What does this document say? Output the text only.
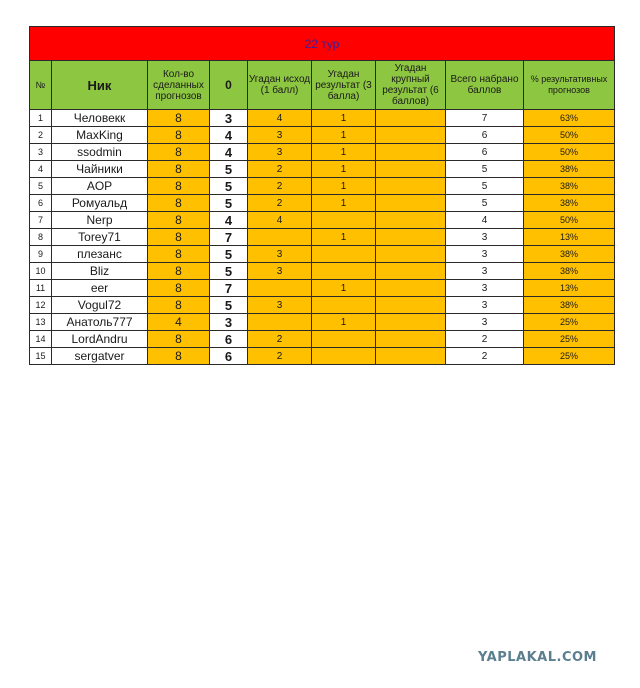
22 тур								
№	Ник	Кол-во сделанных прогнозов	0	Угадан исход (1 балл)	Угадан результат (3 балла)	Угадан крупный результат (6 баллов)	Всего набрано баллов	% результативных прогнозов
1	Человекк	8	3	4	1		7	63%
2	MaxKing	8	4	3	1		6	50%
3	ssodmin	8	4	3	1		6	50%
4	Чайники	8	5	2	1		5	38%
5	AOP	8	5	2	1		5	38%
6	Ромуальд	8	5	2	1		5	38%
7	Nerp	8	4	4			4	50%
8	Torey71	8	7		1		3	13%
9	плезанс	8	5	3			3	38%
10	Bliz	8	5	3			3	38%
11	eer	8	7		1		3	13%
12	Vogul72	8	5	3			3	38%
13	Анатоль777	4	3		1		3	25%
14	LordAndru	8	6	2			2	25%
15	sergatver	8	6	2			2	25%
YAPLAKAL.COM
